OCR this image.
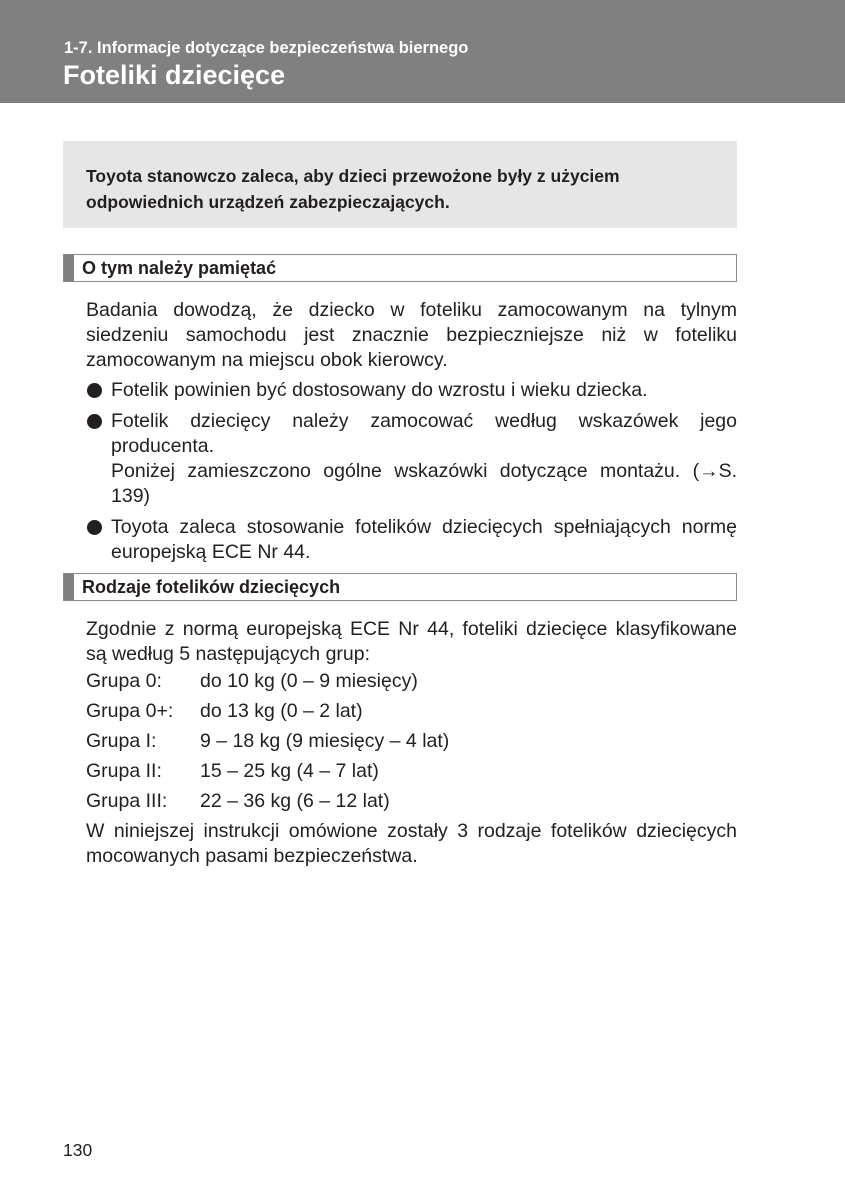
1-7. Informacje dotyczące bezpieczeństwa biernego
Foteliki dziecięce
Toyota stanowczo zaleca, aby dzieci przewożone były z użyciem odpowiednich urządzeń zabezpieczających.
O tym należy pamiętać
Badania dowodzą, że dziecko w foteliku zamocowanym na tylnym siedzeniu samochodu jest znacznie bezpieczniejsze niż w foteliku zamocowanym na miejscu obok kierowcy.
Fotelik powinien być dostosowany do wzrostu i wieku dziecka.
Fotelik dziecięcy należy zamocować według wskazówek jego producenta.
Poniżej zamieszczono ogólne wskazówki dotyczące montażu. (→S. 139)
Toyota zaleca stosowanie fotelików dziecięcych spełniających normę europejską ECE Nr 44.
Rodzaje fotelików dziecięcych
Zgodnie z normą europejską ECE Nr 44, foteliki dziecięce klasyfikowane są według 5 następujących grup:
Grupa 0: do 10 kg (0 – 9 miesięcy)
Grupa 0+: do 13 kg (0 – 2 lat)
Grupa I: 9 – 18 kg (9 miesięcy – 4 lat)
Grupa II: 15 – 25 kg (4 – 7 lat)
Grupa III: 22 – 36 kg (6 – 12 lat)
W niniejszej instrukcji omówione zostały 3 rodzaje fotelików dziecięcych mocowanych pasami bezpieczeństwa.
130
